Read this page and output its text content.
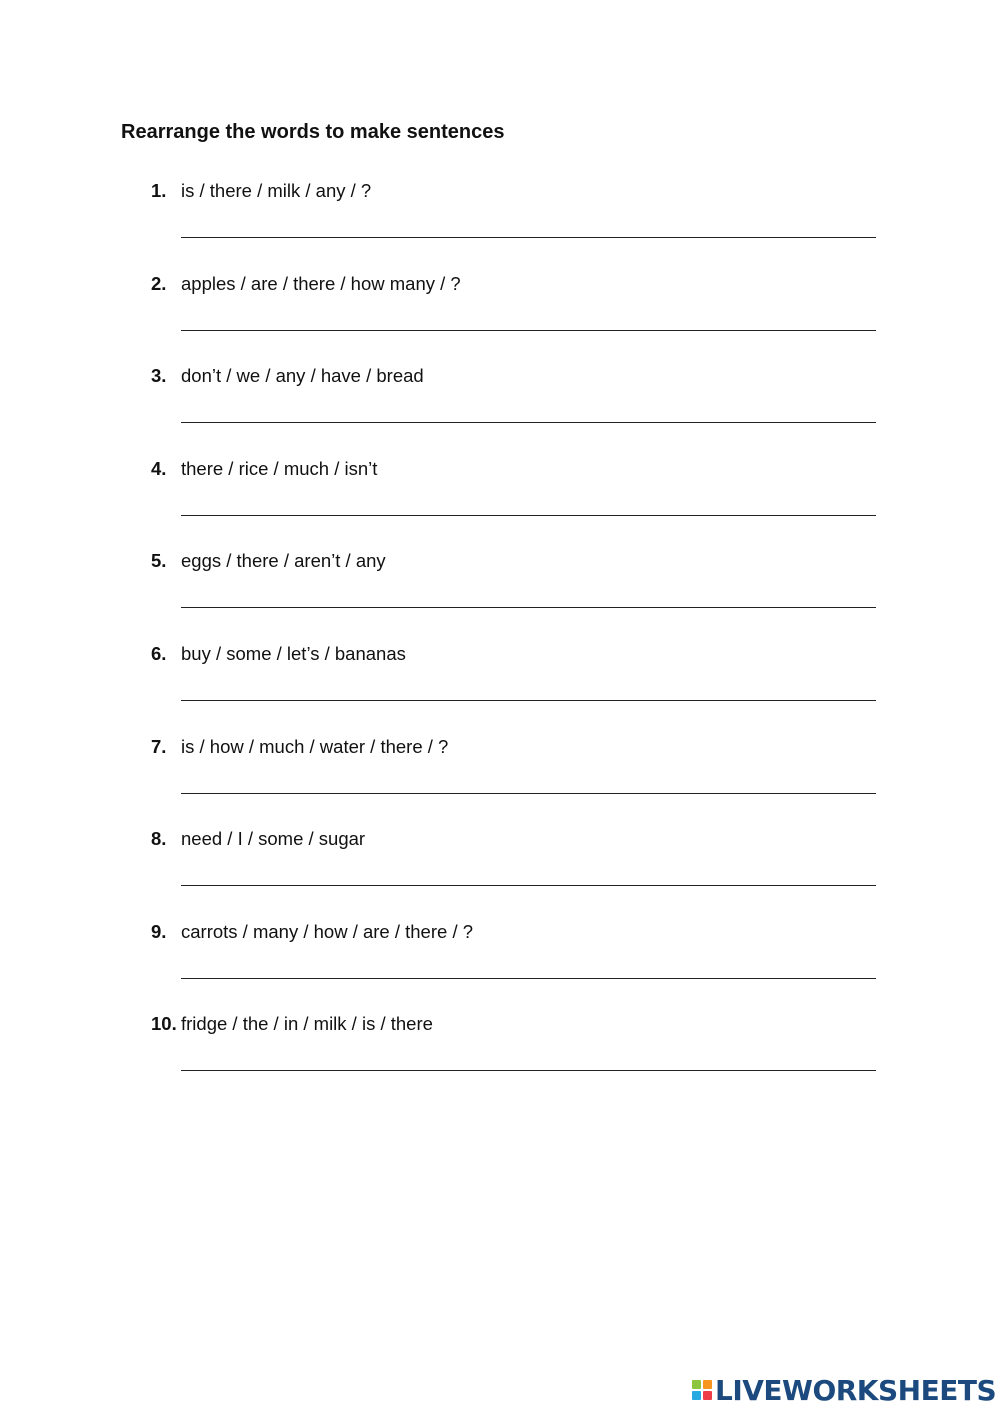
Rearrange the words to make sentences
1. is / there / milk / any / ?
2. apples / are / there / how many / ?
3. don’t / we / any / have / bread
4. there / rice / much / isn’t
5. eggs / there / aren’t / any
6. buy / some / let’s / bananas
7. is / how / much / water / there / ?
8. need / I / some / sugar
9. carrots / many / how / are / there / ?
10. fridge / the / in / milk / is / there
LIVEWORKSHEETS
